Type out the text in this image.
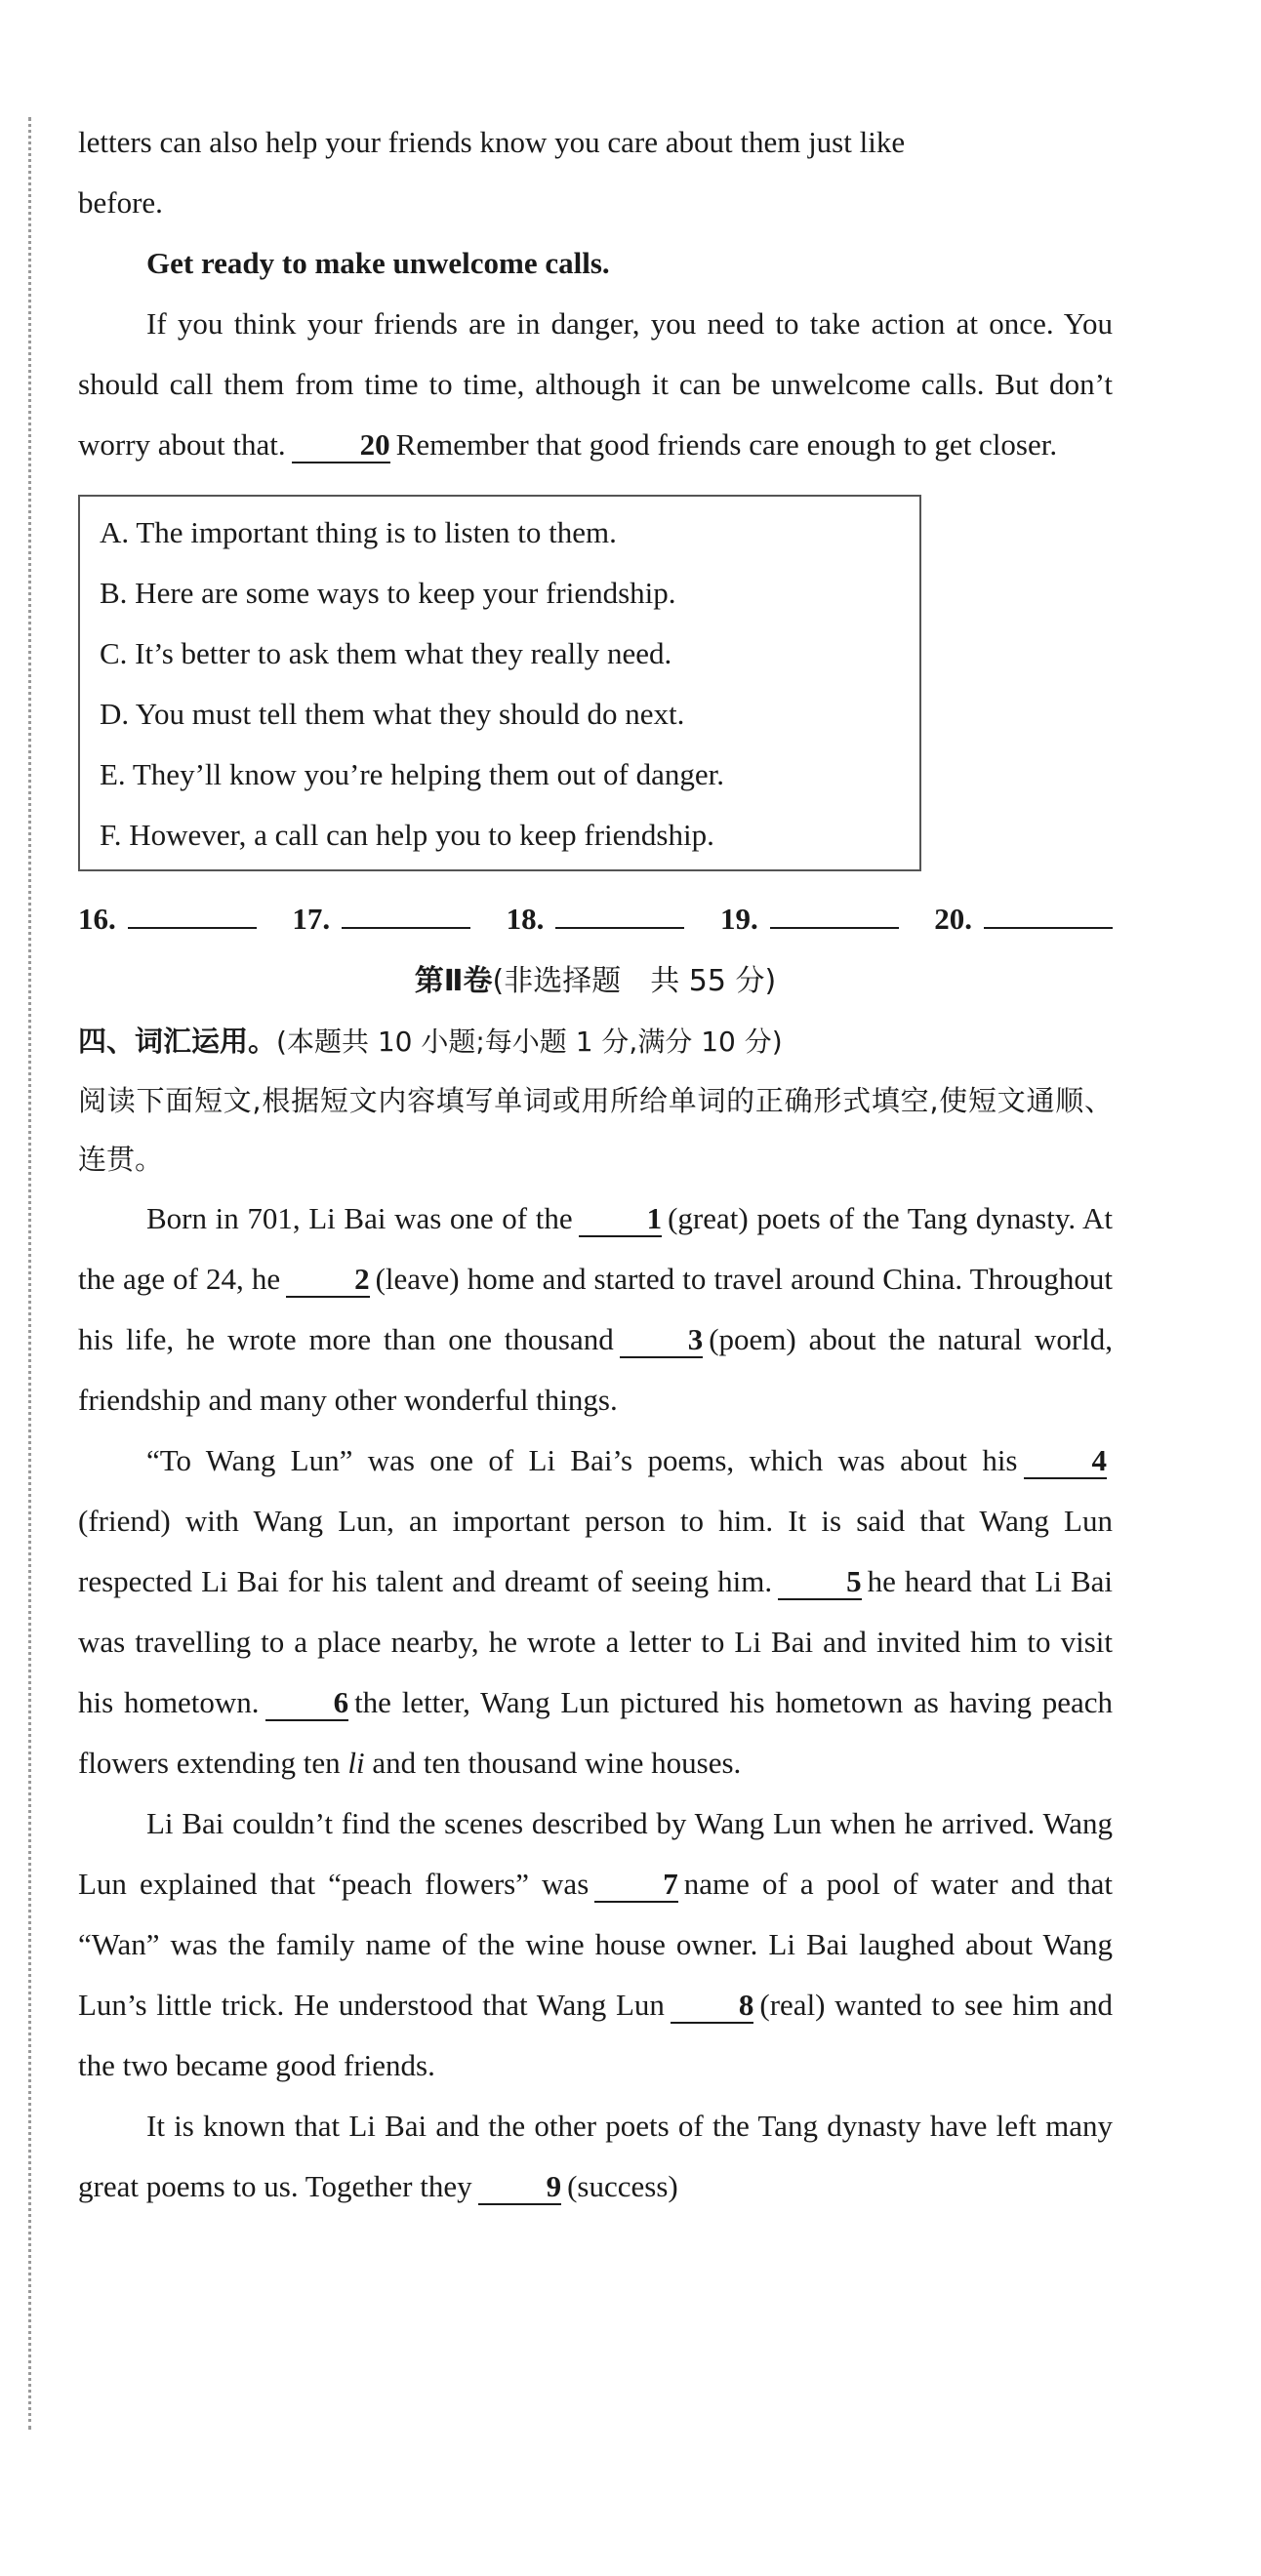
letters can also help your friends know you care about them just like
before.

Get ready to make unwelcome calls.

If you think your friends are in danger, you need to take action at once. You should call them from time to time, although it can be unwelcome calls. But don’t worry about that. 20 Remember that good friends care enough to get closer.

A. The important thing is to listen to them.
B. Here are some ways to keep your friendship.
C. It’s better to ask them what they really need.
D. You must tell them what they should do next.
E. They’ll know you’re helping them out of danger.
F. However, a call can help you to keep friendship.
16.	17.	18.	19.	20.
第Ⅱ卷(非选择题　共 55 分)
四、词汇运用。(本题共 10 小题;每小题 1 分,满分 10 分)

阅读下面短文,根据短文内容填写单词或用所给单词的正确形式填空,使短文通顺、连贯。

Born in 701, Li Bai was one of the 1 (great) poets of the Tang dynasty. At the age of 24, he 2 (leave) home and started to travel around China. Throughout his life, he wrote more than one thousand 3 (poem) about the natural world, friendship and many other wonderful things.

“To Wang Lun” was one of Li Bai’s poems, which was about his 4(friend) with Wang Lun, an important person to him. It is said that Wang Lun respected Li Bai for his talent and dreamt of seeing him. 5 he heard that Li Bai was travelling to a place nearby, he wrote a letter to Li Bai and invited him to visit his hometown. 6 the letter, Wang Lun pictured his hometown as having peach flowers extending ten li and ten thousand wine houses.

Li Bai couldn’t find the scenes described by Wang Lun when he arrived. Wang Lun explained that “peach flowers” was 7 name of a pool of water and that “Wan” was the family name of the wine house owner. Li Bai laughed about Wang Lun’s little trick. He understood that Wang Lun 8 (real) wanted to see him and the two became good friends.

It is known that Li Bai and the other poets of the Tang dynasty have left many great poems to us. Together they 9 (success)
